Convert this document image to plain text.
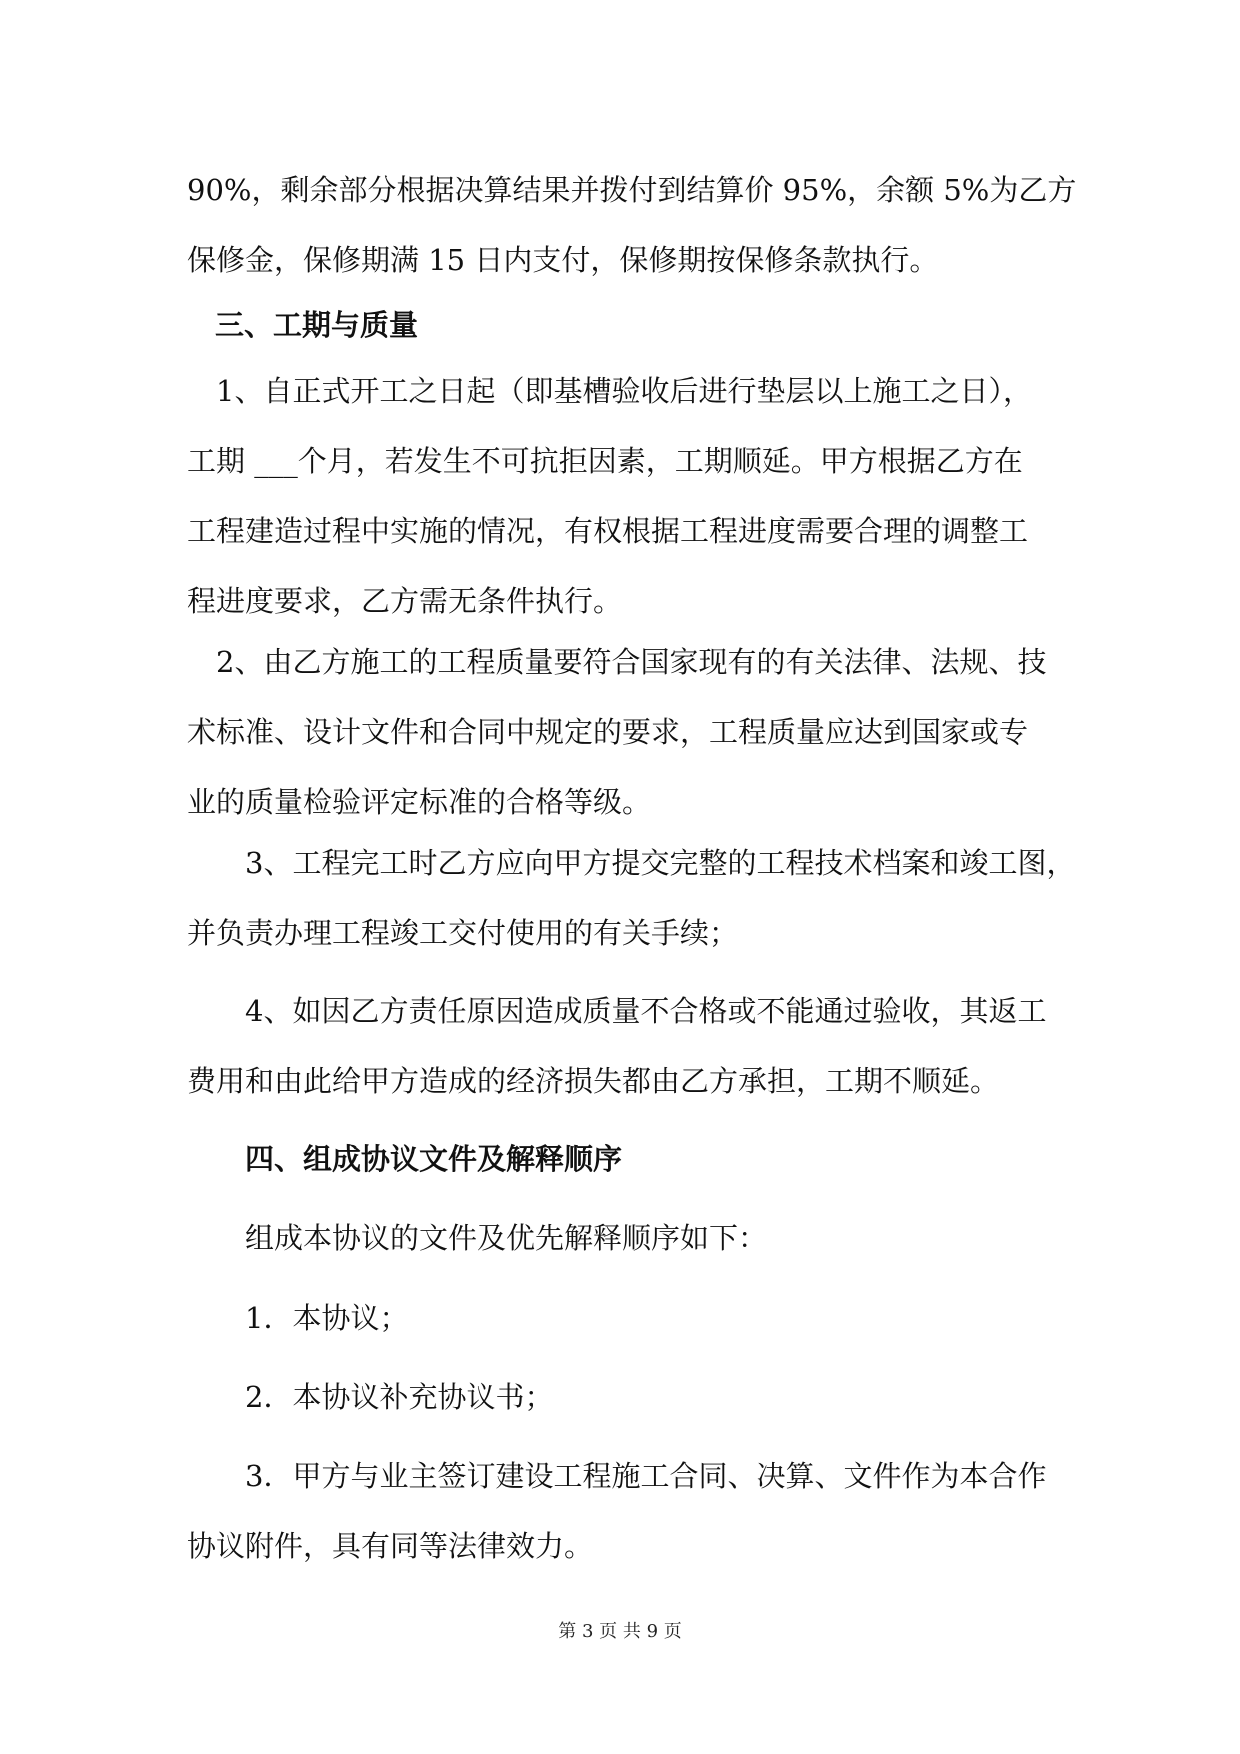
90%，剩余部分根据决算结果并拨付到结算价 95%，余额 5%为乙方
保修金，保修期满 15 日内支付，保修期按保修条款执行。
三、工期与质量
1、自正式开工之日起（即基槽验收后进行垫层以上施工之日），
工期 ___个月，若发生不可抗拒因素，工期顺延。甲方根据乙方在
工程建造过程中实施的情况，有权根据工程进度需要合理的调整工
程进度要求，乙方需无条件执行。
2、由乙方施工的工程质量要符合国家现有的有关法律、法规、技
术标准、设计文件和合同中规定的要求，工程质量应达到国家或专
业的质量检验评定标准的合格等级。
3、工程完工时乙方应向甲方提交完整的工程技术档案和竣工图，
并负责办理工程竣工交付使用的有关手续；
4、如因乙方责任原因造成质量不合格或不能通过验收，其返工
费用和由此给甲方造成的经济损失都由乙方承担，工期不顺延。
四、组成协议文件及解释顺序
组成本协议的文件及优先解释顺序如下：
1．本协议；
2．本协议补充协议书；
3．甲方与业主签订建设工程施工合同、决算、文件作为本合作
协议附件，具有同等法律效力。
第 3 页 共 9 页
